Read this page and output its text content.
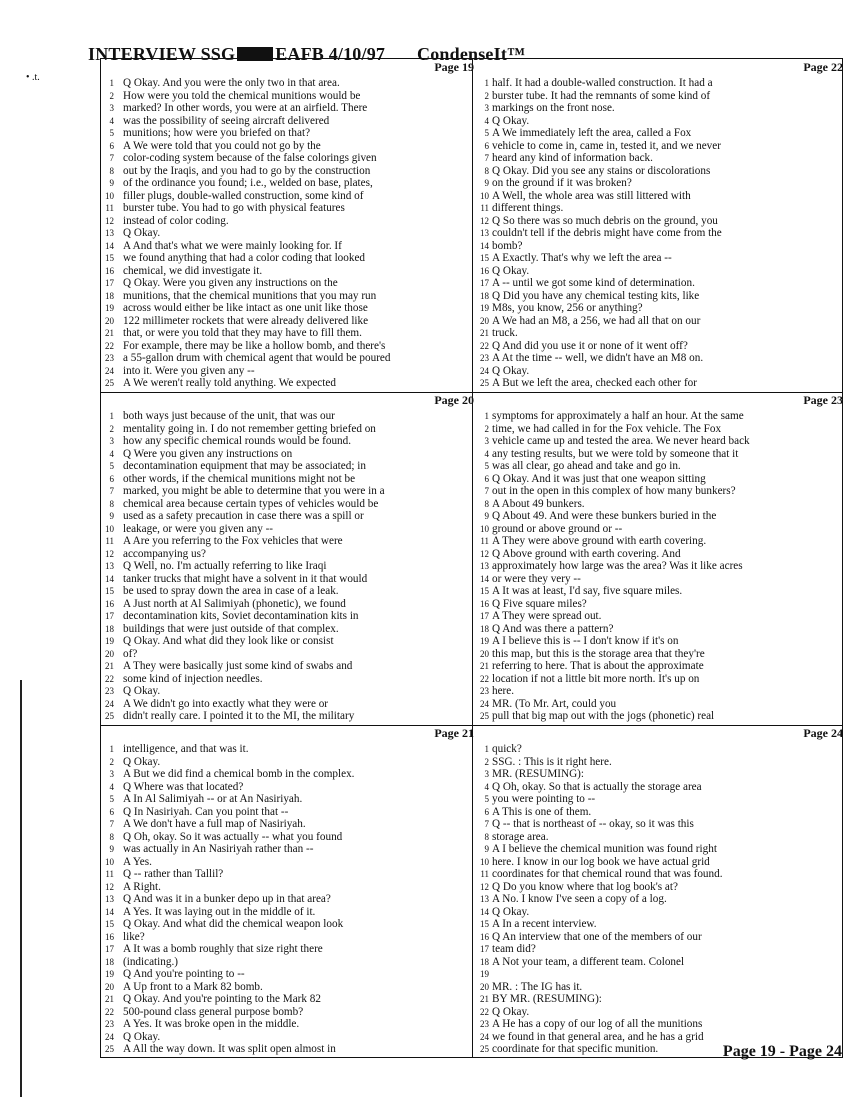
• .t.
INTERVIEW SSG EAFB 4/10/97 CondenseIt™
Page 19
1 Q Okay. And you were the only two in that area.
2 How were you told the chemical munitions would be
3 marked? In other words, you were at an airfield. There
4 was the possibility of seeing aircraft delivered
5 munitions; how were you briefed on that?
6 A We were told that you could not go by the
7 color-coding system because of the false colorings given
8 out by the Iraqis, and you had to go by the construction
9 of the ordinance you found; i.e., welded on base, plates,
10 filler plugs, double-walled construction, some kind of
11 burster tube. You had to go with physical features
12 instead of color coding.
13 Q Okay.
14 A And that's what we were mainly looking for. If
15 we found anything that had a color coding that looked
16 chemical, we did investigate it.
17 Q Okay. Were you given any instructions on the
18 munitions, that the chemical munitions that you may run
19 across would either be like intact as one unit like those
20 122 millimeter rockets that were already delivered like
21 that, or were you told that they may have to fill them.
22 For example, there may be like a hollow bomb, and there's
23 a 55-gallon drum with chemical agent that would be poured
24 into it. Were you given any --
25 A We weren't really told anything. We expected
Page 22
1 half. It had a double-walled construction. It had a
2 burster tube. It had the remnants of some kind of
3 markings on the front nose.
4 Q Okay.
5 A We immediately left the area, called a Fox
6 vehicle to come in, came in, tested it, and we never
7 heard any kind of information back.
8 Q Okay. Did you see any stains or discolorations
9 on the ground if it was broken?
10 A Well, the whole area was still littered with
11 different things.
12 Q So there was so much debris on the ground, you
13 couldn't tell if the debris might have come from the
14 bomb?
15 A Exactly. That's why we left the area --
16 Q Okay.
17 A -- until we got some kind of determination.
18 Q Did you have any chemical testing kits, like
19 M8s, you know, 256 or anything?
20 A We had an M8, a 256, we had all that on our
21 truck.
22 Q And did you use it or none of it went off?
23 A At the time -- well, we didn't have an M8 on.
24 Q Okay.
25 A But we left the area, checked each other for
Page 20
1 both ways just because of the unit, that was our
2 mentality going in. I do not remember getting briefed on
3 how any specific chemical rounds would be found.
4 Q Were you given any instructions on
5 decontamination equipment that may be associated; in
6 other words, if the chemical munitions might not be
7 marked, you might be able to determine that you were in a
8 chemical area because certain types of vehicles would be
9 used as a safety precaution in case there was a spill or
10 leakage, or were you given any --
11 A Are you referring to the Fox vehicles that were
12 accompanying us?
13 Q Well, no. I'm actually referring to like Iraqi
14 tanker trucks that might have a solvent in it that would
15 be used to spray down the area in case of a leak.
16 A Just north at Al Salimiyah (phonetic), we found
17 decontamination kits, Soviet decontamination kits in
18 buildings that were just outside of that complex.
19 Q Okay. And what did they look like or consist
20 of?
21 A They were basically just some kind of swabs and
22 some kind of injection needles.
23 Q Okay.
24 A We didn't go into exactly what they were or
25 didn't really care. I pointed it to the MI, the military
Page 23
1 symptoms for approximately a half an hour. At the same
2 time, we had called in for the Fox vehicle. The Fox
3 vehicle came up and tested the area. We never heard back
4 any testing results, but we were told by someone that it
5 was all clear, go ahead and take and go in.
6 Q Okay. And it was just that one weapon sitting
7 out in the open in this complex of how many bunkers?
8 A About 49 bunkers.
9 Q About 49. And were these bunkers buried in the
10 ground or above ground or --
11 A They were above ground with earth covering.
12 Q Above ground with earth covering. And
13 approximately how large was the area? Was it like acres
14 or were they very --
15 A It was at least, I'd say, five square miles.
16 Q Five square miles?
17 A They were spread out.
18 Q And was there a pattern?
19 A I believe this is -- I don't know if it's on
20 this map, but this is the storage area that they're
21 referring to here. That is about the approximate
22 location if not a little bit more north. It's up on
23 here.
24 MR. (To Mr. Art, could you
25 pull that big map out with the jogs (phonetic) real
Page 21
1 intelligence, and that was it.
2 Q Okay.
3 A But we did find a chemical bomb in the complex.
4 Q Where was that located?
5 A In Al Salimiyah -- or at An Nasiriyah.
6 Q In Nasiriyah. Can you point that --
7 A We don't have a full map of Nasiriyah.
8 Q Oh, okay. So it was actually -- what you found
9 was actually in An Nasiriyah rather than --
10 A Yes.
11 Q -- rather than Tallil?
12 A Right.
13 Q And was it in a bunker depo up in that area?
14 A Yes. It was laying out in the middle of it.
15 Q Okay. And what did the chemical weapon look
16 like?
17 A It was a bomb roughly that size right there
18 (indicating.)
19 Q And you're pointing to --
20 A Up front to a Mark 82 bomb.
21 Q Okay. And you're pointing to the Mark 82
22 500-pound class general purpose bomb?
23 A Yes. It was broke open in the middle.
24 Q Okay.
25 A All the way down. It was split open almost in
Page 24
1 quick?
2 SSG. : This is it right here.
3 MR. (RESUMING):
4 Q Oh, okay. So that is actually the storage area
5 you were pointing to --
6 A This is one of them.
7 Q -- that is northeast of -- okay, so it was this
8 storage area.
9 A I believe the chemical munition was found right
10 here. I know in our log book we have actual grid
11 coordinates for that chemical round that was found.
12 Q Do you know where that log book's at?
13 A No. I know I've seen a copy of a log.
14 Q Okay.
15 A In a recent interview.
16 Q An interview that one of the members of our
17 team did?
18 A Not your team, a different team. Colonel
19
20 MR. : The IG has it.
21 BY MR. (RESUMING):
22 Q Okay.
23 A He has a copy of our log of all the munitions
24 we found in that general area, and he has a grid
25 coordinate for that specific munition.	Page 19 - Page 24
